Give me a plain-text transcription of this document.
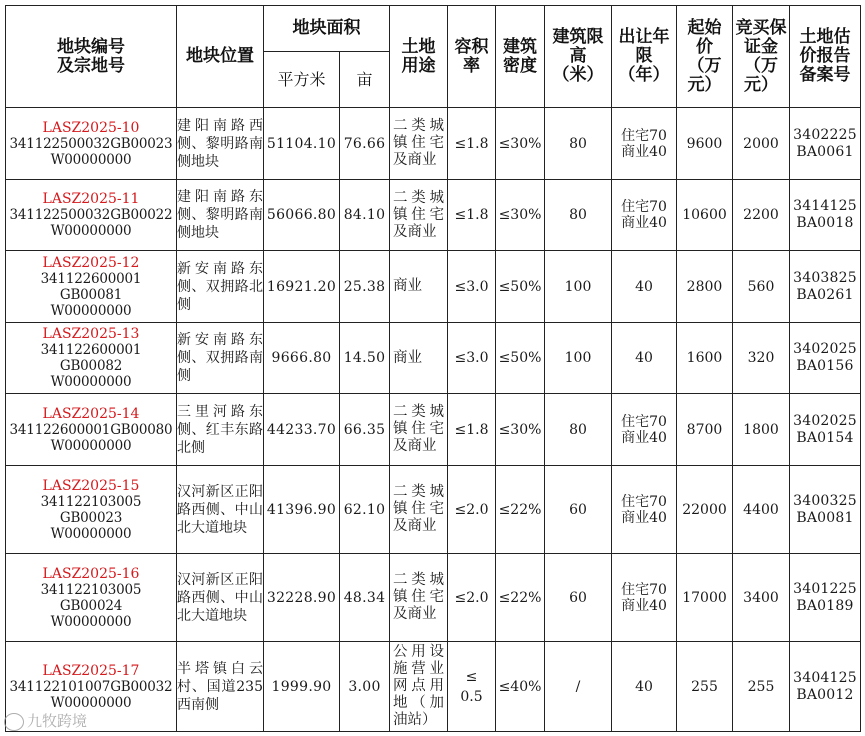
地块编号
及宗地号	地块位置	地块面积		土地用途	容积率	建筑密度	建筑限高（米）	出让年限（年）	起始价（万元）	竞买保证金（万元）	土地估价报告备案号
		平方米	亩								

LASZ2025-10
341122500032GB00023
W00000000	建阳南路西侧、黎明路南侧地块	51104.10	76.66	二类城镇住宅及商业	≤1.8	≤30%	80	住宅70
商业40	9600	2000	3402225
BA0061

LASZ2025-11
341122500032GB00022
W00000000	建阳南路东侧、黎明路南侧地块	56066.80	84.10	二类城镇住宅及商业	≤1.8	≤30%	80	住宅70
商业40	10600	2200	3414125
BA0018

LASZ2025-12
341122600001
GB00081
W00000000	新安南路东侧、双拥路北侧	16921.20	25.38	商业	≤3.0	≤50%	100	40	2800	560	3403825
BA0261

LASZ2025-13
341122600001
GB00082
W00000000	新安南路东侧、双拥路南侧	9666.80	14.50	商业	≤3.0	≤50%	100	40	1600	320	3402025
BA0156

LASZ2025-14
341122600001GB00080
W00000000	三里河路东侧、红丰东路北侧	44233.70	66.35	二类城镇住宅及商业	≤1.8	≤30%	80	住宅70
商业40	8700	1800	3402025
BA0154

LASZ2025-15
341122103005
GB00023
W00000000	汉河新区正阳路西侧、中山北大道地块	41396.90	62.10	二类城镇住宅及商业	≤2.0	≤22%	60	住宅70
商业40	22000	4400	3400325
BA0081

LASZ2025-16
341122103005
GB00024
W00000000	汉河新区正阳路西侧、中山北大道地块	32228.90	48.34	二类城镇住宅及商业	≤2.0	≤22%	60	住宅70
商业40	17000	3400	3401225
BA0189

LASZ2025-17
341122101007GB00032
W00000000	半塔镇白云村、国道235西南侧	1999.90	3.00	公用设施营业网点用地（加油站）	≤0.5	≤40%	/	40	255	255	3404125
BA0012
九牧跨境
